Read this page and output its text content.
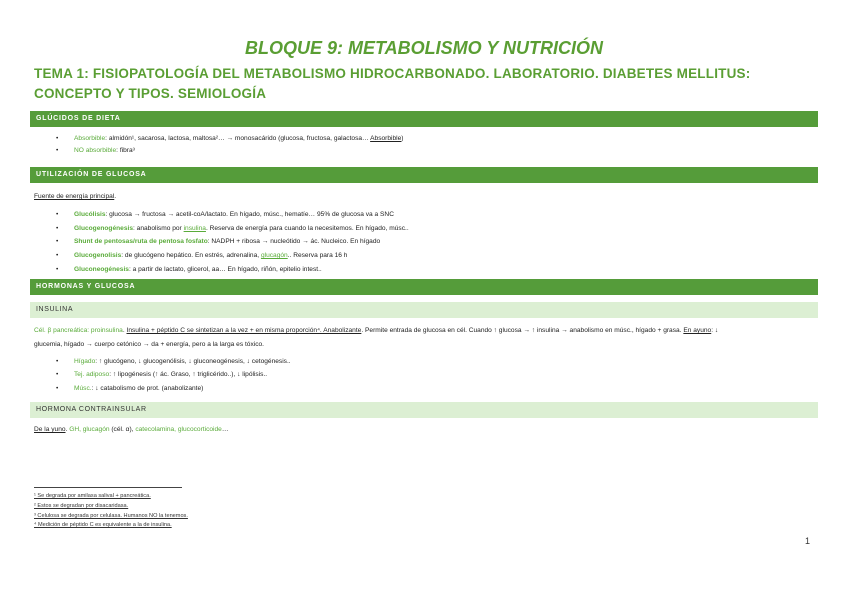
BLOQUE 9: METABOLISMO Y NUTRICIÓN
TEMA 1: FISIOPATOLOGÍA DEL METABOLISMO HIDROCARBONADO. LABORATORIO. DIABETES MELLITUS:
CONCEPTO Y TIPOS. SEMIOLOGÍA
GLÚCIDOS DE DIETA
• Absorbible: almidón¹, sacarosa, lactosa, maltosa²… → monosacárido (glucosa, fructosa, galactosa… Absorbible)
• NO absorbible: fibra³
UTILIZACIÓN DE GLUCOSA
Fuente de energía principal.
• Glucólisis: glucosa → fructosa → acetil-coA/lactato. En hígado, músc., hematíe… 95% de glucosa va a SNC
• Glucogenogénesis: anabolismo por insulina. Reserva de energía para cuando la necesitemos. En hígado, músc..
• Shunt de pentosas/ruta de pentosa fosfato: NADPH + ribosa → nucleótido → ác. Nucleico. En hígado
• Glucogenolisis: de glucógeno hepático. En estrés, adrenalina, glucagón.. Reserva para 16 h
• Gluconeogénesis: a partir de lactato, glicerol, aa… En hígado, riñón, epitelio intest..
HORMONAS Y GLUCOSA
INSULINA
Cél. β pancreática: proinsulina. Insulina + péptido C se sintetizan a la vez + en misma proporción⁴. Anabolizante. Permite entrada de glucosa en cél. Cuando ↑ glucosa → ↑ insulina → anabolismo en músc., hígado + grasa. En ayuno: ↓
glucemia, hígado → cuerpo cetónico → da + energía, pero a la larga es tóxico.
• Hígado: ↑ glucógeno, ↓ glucogenólisis, ↓ gluconeogénesis, ↓ cetogénesis..
• Tej. adiposo: ↑ lipogénesis (↑ ác. Graso, ↑ triglicérido..), ↓ lipólisis..
• Músc.: ↓ catabolismo de prot. (anabolizante)
HORMONA CONTRAINSULAR
De la yuno. GH, glucagón (cél. α), catecolamina, glucocorticoide…
¹ Se degrada por amilasa salival + pancreática.
² Estos se degradan por disacaridasa.
³ Celulosa se degrada por celulasa. Humanos NO la tenemos.
⁴ Medición de péptido C es equivalente a la de insulina.
1
